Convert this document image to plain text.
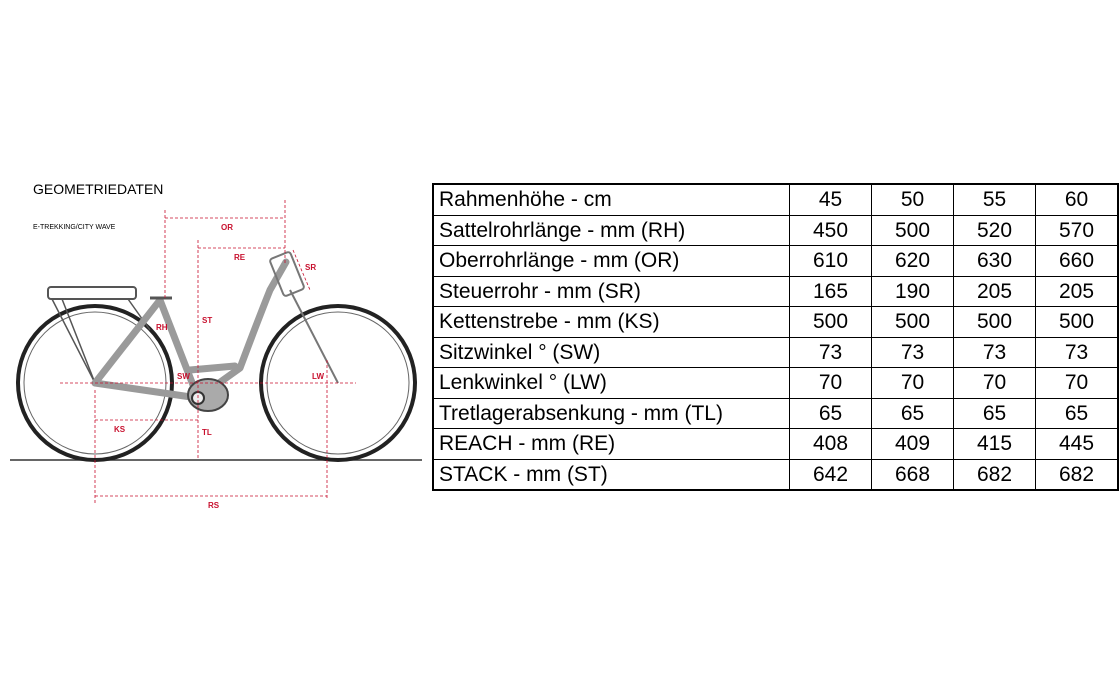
GEOMETRIEDATEN
E-TREKKING/CITY WAVE	OR
RE
SR
ST
RH
SW	LW
KS	TL
RS
Rahmenhöhe - cm	45	50	55	60
Sattelrohrlänge - mm (RH)	450	500	520	570
Oberrohrlänge - mm (OR)	610	620	630	660
Steuerrohr - mm (SR)	165	190	205	205
Kettenstrebe - mm (KS)	500	500	500	500
Sitzwinkel ° (SW)	73	73	73	73
Lenkwinkel ° (LW)	70	70	70	70
Tretlagerabsenkung - mm (TL)	65	65	65	65
REACH - mm (RE)	408	409	415	445
STACK - mm (ST)	642	668	682	682
